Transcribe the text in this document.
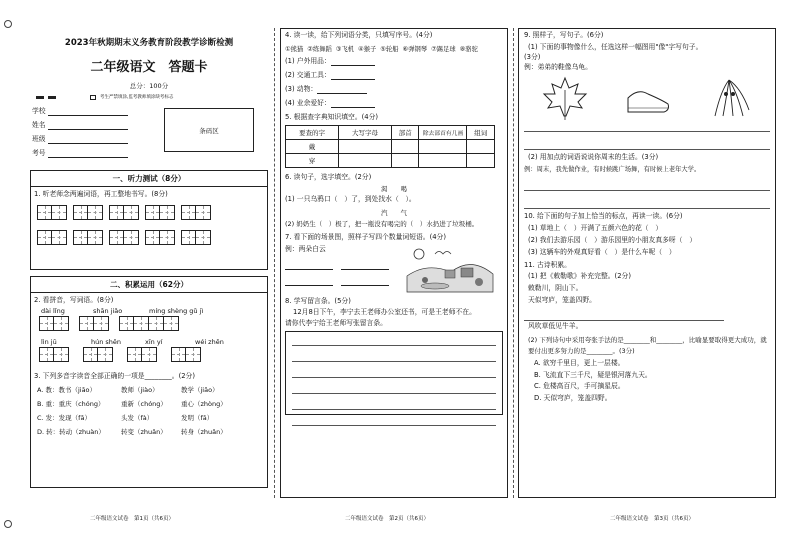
2023年秋期期末义务教育阶段教学诊断检测
二年级语文　答题卡
总分：100分
考生严禁填涂,监考教师填涂缺考标志
学校
姓名
班级
考号
条码区
一、听力测试（8分）
1. 听老师念两遍词语，再工整地书写。(8分)
二、积累运用（62分）
2. 看拼音，写词语。(8分)
dài lǐng	shān jiǎo	míng shèng gǔ jì
lìn jū	hún shēn	xīn yí	wéi zhēn
3. 下列多音字读音全部正确的一项是________。(2分)
A. 教：教书（jiāo）	教师（jiào）	教学（jiāo）
B. 重：重庆（chóng）	重新（chóng）	重心（zhòng）
C. 发：发现（fā）	头发（fà）	发明（fā）
D. 转：转动（zhuàn）	转变（zhuǎn）	转身（zhuǎn）
二年级语文试卷　第1页（共6页）
4. 读一读，给下列词语分类，只填写序号。(4分)
①熊猫 ②练舞蹈 ③飞机 ④猴子 ⑤轮船 ⑥弹钢琴 ⑦踢足球 ⑧骆驼
(1) 户外用品：
(2) 交通工具：
(3) 动物：
(4) 业余爱好：
5. 根据查字典知识填空。(4分)
要查的字	大写字母	部首	除去部首有几画	组词
戴				
穿				
6. 读句子，选字填空。(2分)
渴　　喝
(1) 一只乌鸦口（　）了，到处找水（　）。
汽　　气
(2) 奶奶生（　）极了，把一瓶没有喝完的（　）水扔进了垃圾桶。
7. 看下面的场景图，照样子写四个数量词短语。(4分)
例：两朵白云
8. 学写留言条。(5分)
12月8日下午，李宁去王老师办公室还书，可是王老师不在。
请你代李宁给王老师写张留言条。
二年级语文试卷　第2页（共6页）
9. 照样子，写句子。(6分)
(1) 下面的事物像什么，任选这样一幅图用"像"字写句子。
(3分)
例：弟弟的鞋像乌龟。
(2) 用加点的词语说说你周末的生活。(3分)
例：周末，我先做作业，有时候跳广场舞，有时候上老年大学。
10. 给下面的句子加上恰当的标点，再读一读。(6分)
(1) 草地上（　）开满了五颜六色的花（　）
(2) 我们去游乐园（　）游乐园里的小朋友真多呀（　）
(3) 这辆车的外观真好看（　）是什么车呢（　）
11. 古诗积累。
(1) 把《敕勒歌》补充完整。(2分)
敕勒川，阴山下。
天似穹庐，笼盖四野。
风吹草低见牛羊。
(2) 下列诗句中采用夸张手法的是________和________，比喻显要取得更大成功，就要付出更多努力的是________。(3分)
A. 欲穷千里目，更上一层楼。
B. 飞流直下三千尺，疑是银河落九天。
C. 危楼高百尺，手可摘星辰。
D. 天似穹庐，笼盖四野。
二年级语文试卷　第3页（共6页）
